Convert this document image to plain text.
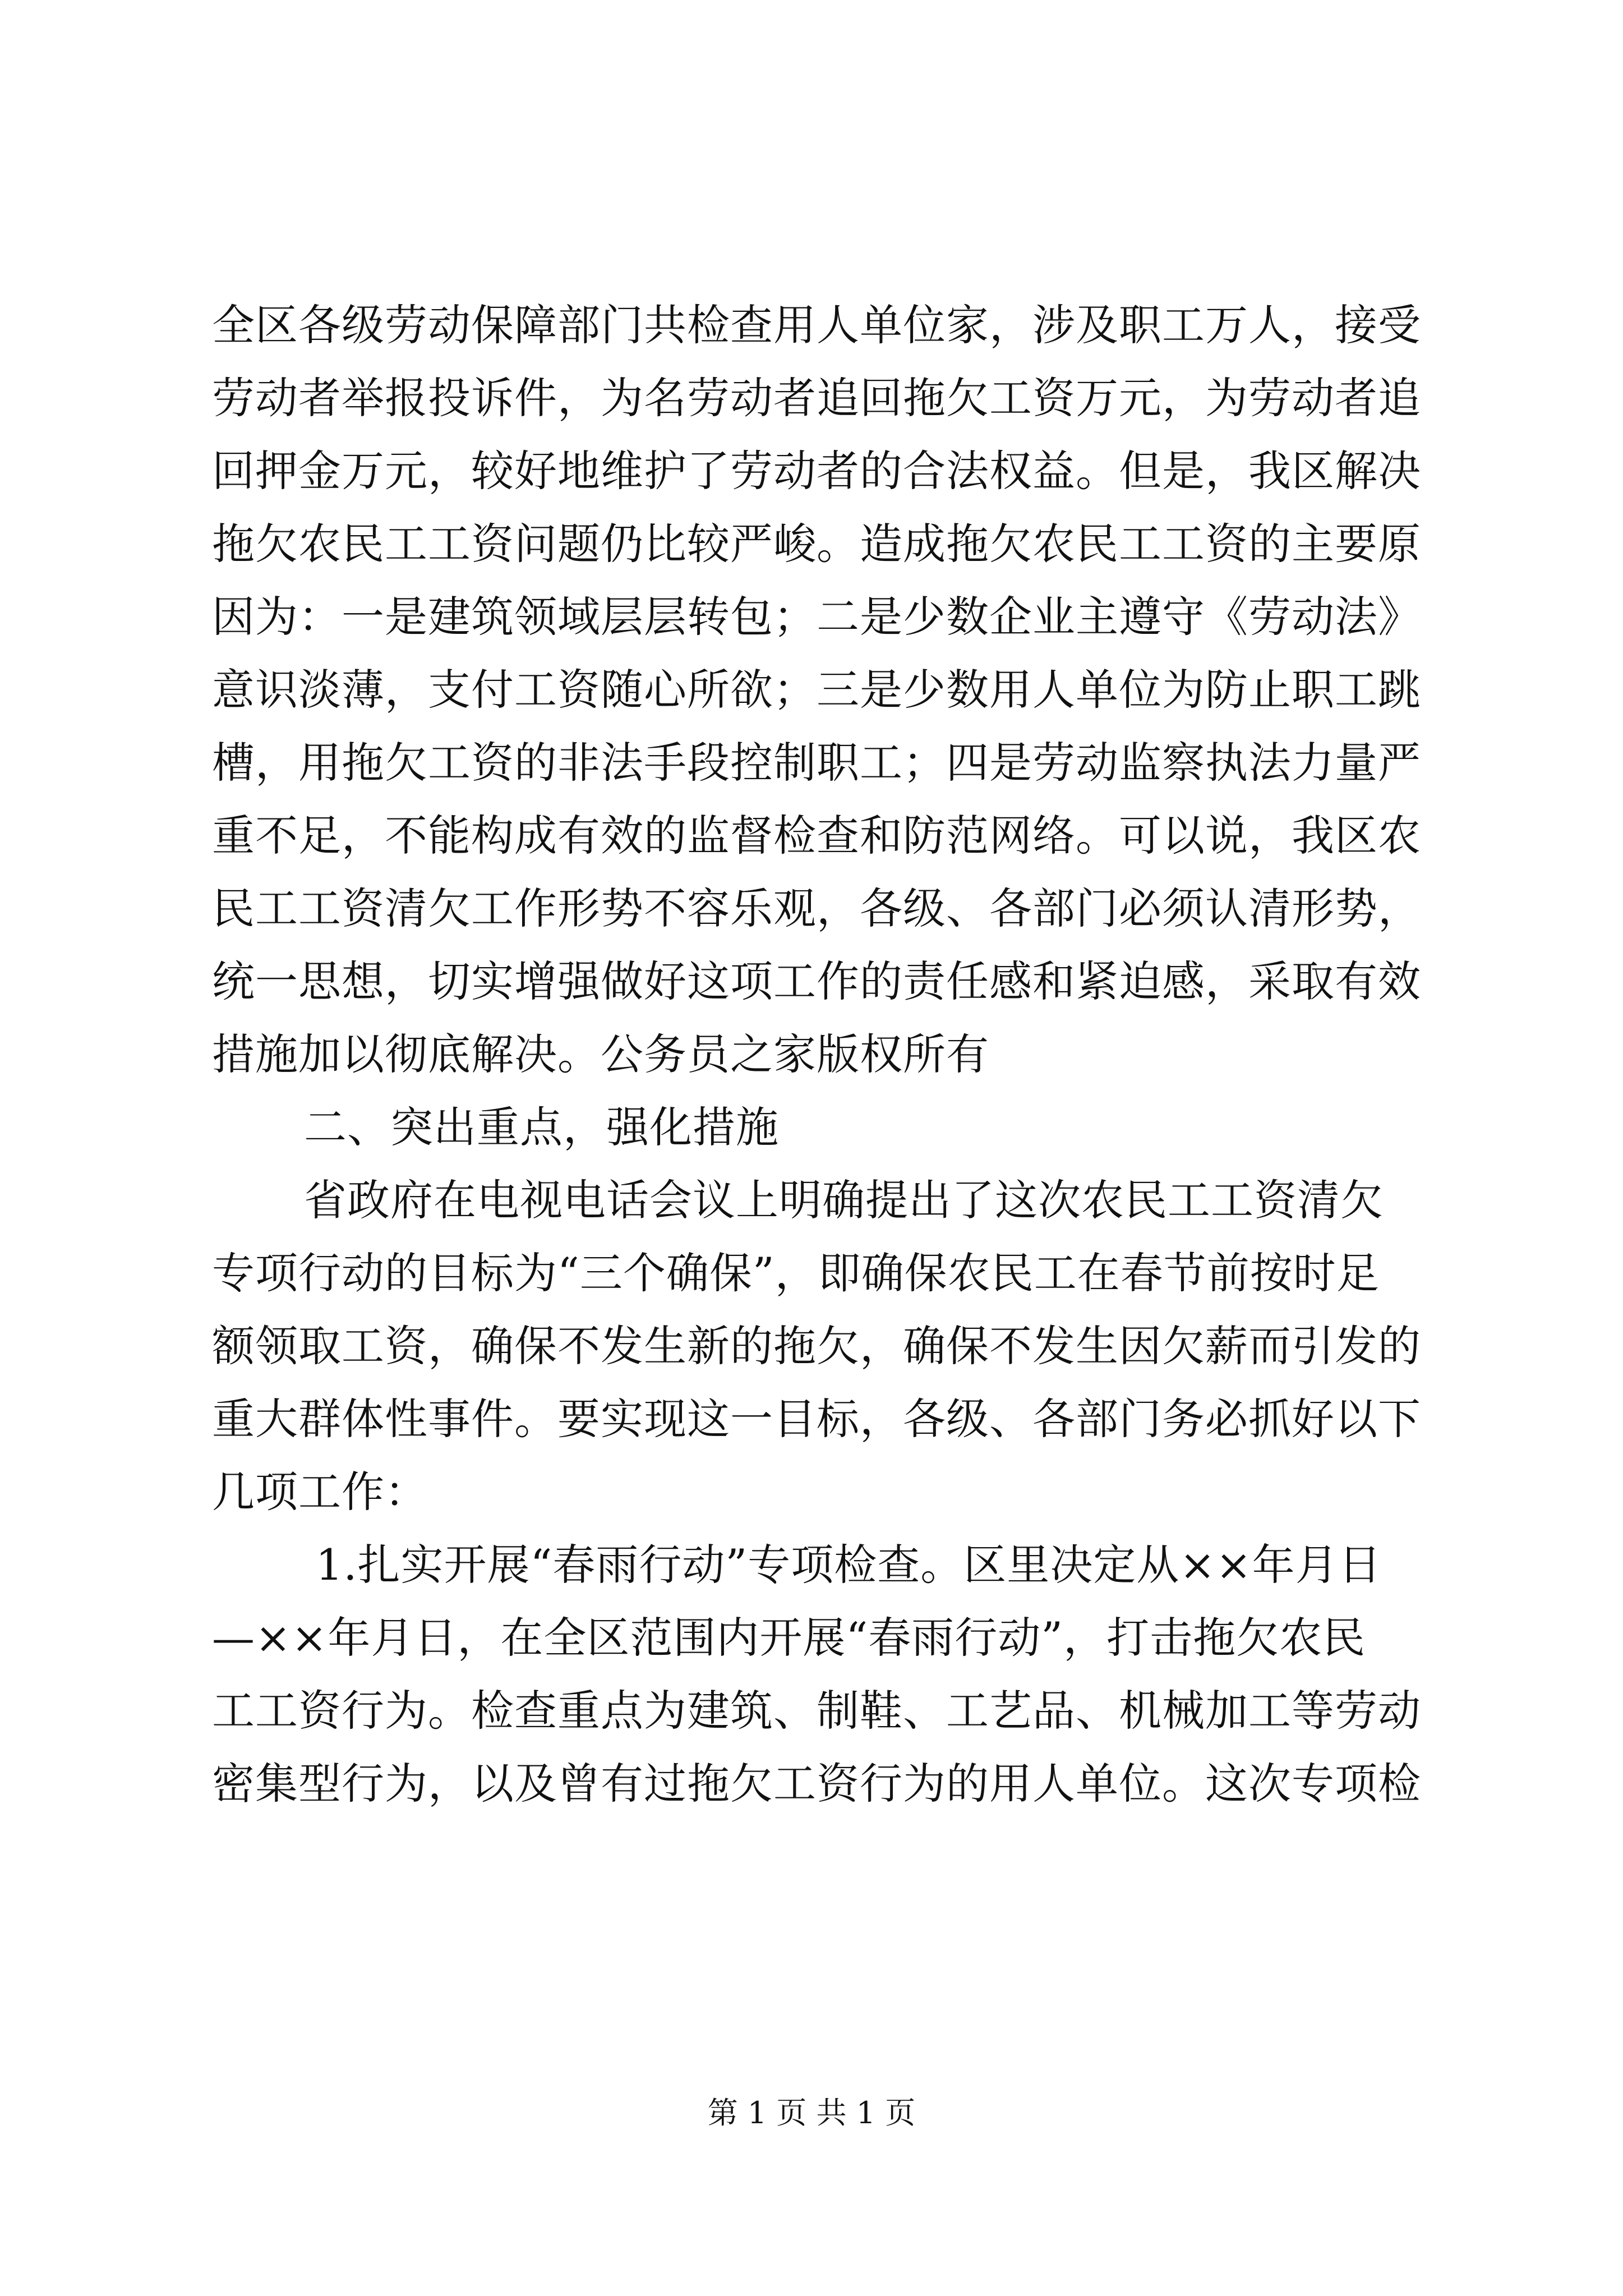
全区各级劳动保障部门共检查用人单位家，涉及职工万人，接受
劳动者举报投诉件，为名劳动者追回拖欠工资万元，为劳动者追
回押金万元，较好地维护了劳动者的合法权益。但是，我区解决
拖欠农民工工资问题仍比较严峻。造成拖欠农民工工资的主要原
因为：一是建筑领域层层转包；二是少数企业主遵守《劳动法》
意识淡薄，支付工资随心所欲；三是少数用人单位为防止职工跳
槽，用拖欠工资的非法手段控制职工；四是劳动监察执法力量严
重不足，不能构成有效的监督检查和防范网络。可以说，我区农
民工工资清欠工作形势不容乐观，各级、各部门必须认清形势，
统一思想，切实增强做好这项工作的责任感和紧迫感，采取有效
措施加以彻底解决。公务员之家版权所有
二、突出重点，强化措施
省政府在电视电话会议上明确提出了这次农民工工资清欠
专项行动的目标为“三个确保”，即确保农民工在春节前按时足
额领取工资，确保不发生新的拖欠，确保不发生因欠薪而引发的
重大群体性事件。要实现这一目标，各级、各部门务必抓好以下
几项工作：
1.扎实开展“春雨行动”专项检查。区里决定从××年月日
—××年月日，在全区范围内开展“春雨行动”，打击拖欠农民
工工资行为。检查重点为建筑、制鞋、工艺品、机械加工等劳动
密集型行为，以及曾有过拖欠工资行为的用人单位。这次专项检
第 1 页 共 1 页
